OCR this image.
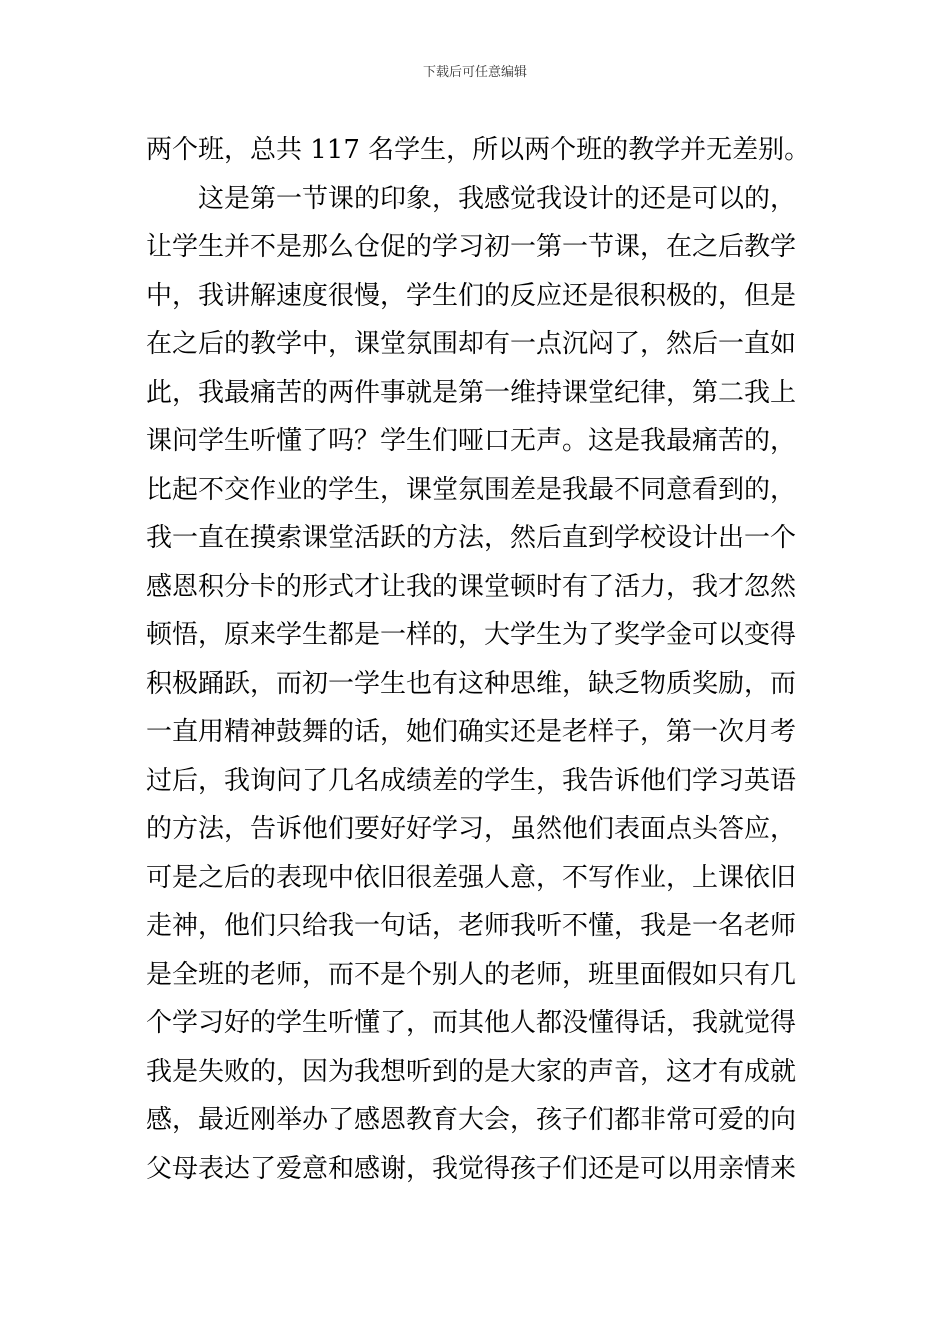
下载后可任意编辑
两个班，总共 117 名学生，所以两个班的教学并无差别。
这是第一节课的印象，我感觉我设计的还是可以的，
让学生并不是那么仓促的学习初一第一节课，在之后教学
中，我讲解速度很慢，学生们的反应还是很积极的，但是
在之后的教学中，课堂氛围却有一点沉闷了，然后一直如
此，我最痛苦的两件事就是第一维持课堂纪律，第二我上
课问学生听懂了吗？学生们哑口无声。这是我最痛苦的，
比起不交作业的学生，课堂氛围差是我最不同意看到的，
我一直在摸索课堂活跃的方法，然后直到学校设计出一个
感恩积分卡的形式才让我的课堂顿时有了活力，我才忽然
顿悟，原来学生都是一样的，大学生为了奖学金可以变得
积极踊跃，而初一学生也有这种思维，缺乏物质奖励，而
一直用精神鼓舞的话，她们确实还是老样子，第一次月考
过后，我询问了几名成绩差的学生，我告诉他们学习英语
的方法，告诉他们要好好学习，虽然他们表面点头答应，
可是之后的表现中依旧很差强人意，不写作业，上课依旧
走神，他们只给我一句话，老师我听不懂，我是一名老师
是全班的老师，而不是个别人的老师，班里面假如只有几
个学习好的学生听懂了，而其他人都没懂得话，我就觉得
我是失败的，因为我想听到的是大家的声音，这才有成就
感，最近刚举办了感恩教育大会，孩子们都非常可爱的向
父母表达了爱意和感谢，我觉得孩子们还是可以用亲情来
